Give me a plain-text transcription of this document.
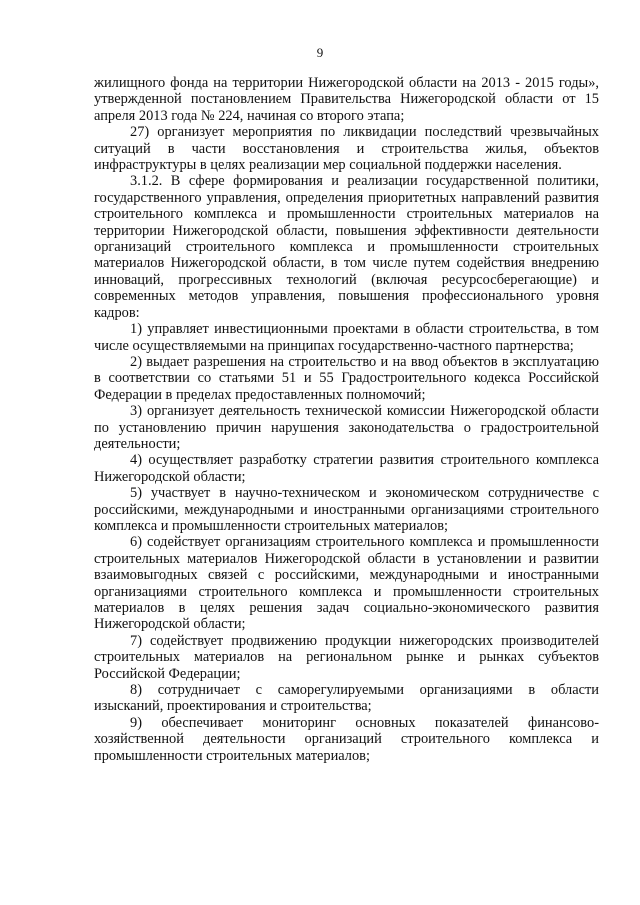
9

жилищного фонда на территории Нижегородской области на 2013 - 2015 годы», утвержденной постановлением Правительства Нижегородской области от 15 апреля 2013 года № 224, начиная со второго этапа;

27) организует мероприятия по ликвидации последствий чрезвычайных ситуаций в части восстановления и строительства жилья, объектов инфраструктуры в целях реализации мер социальной поддержки населения.

3.1.2. В сфере формирования и реализации государственной политики, государственного управления, определения приоритетных направлений развития строительного комплекса и промышленности строительных материалов на территории Нижегородской области, повышения эффективности деятельности организаций строительного комплекса и промышленности строительных материалов Нижегородской области, в том числе путем содействия внедрению инноваций, прогрессивных технологий (включая ресурсосберегающие) и современных методов управления, повышения профессионального уровня кадров:

1) управляет инвестиционными проектами в области строительства, в том числе осуществляемыми на принципах государственно-частного партнерства;

2) выдает разрешения на строительство и на ввод объектов в эксплуатацию в соответствии со статьями 51 и 55 Градостроительного кодекса Российской Федерации в пределах предоставленных полномочий;

3) организует деятельность технической комиссии Нижегородской области по установлению причин нарушения законодательства о градостроительной деятельности;

4) осуществляет разработку стратегии развития строительного комплекса Нижегородской области;

5) участвует в научно-техническом и экономическом сотрудничестве с российскими, международными и иностранными организациями строительного комплекса и промышленности строительных материалов;

6) содействует организациям строительного комплекса и промышленности строительных материалов Нижегородской области в установлении и развитии взаимовыгодных связей с российскими, международными и иностранными организациями строительного комплекса и промышленности строительных материалов в целях решения задач социально-экономического развития Нижегородской области;

7) содействует продвижению продукции нижегородских производителей строительных материалов на региональном рынке и рынках субъектов Российской Федерации;

8) сотрудничает с саморегулируемыми организациями в области изысканий, проектирования и строительства;

9) обеспечивает мониторинг основных показателей финансово-хозяйственной деятельности организаций строительного комплекса и промышленности строительных материалов;
